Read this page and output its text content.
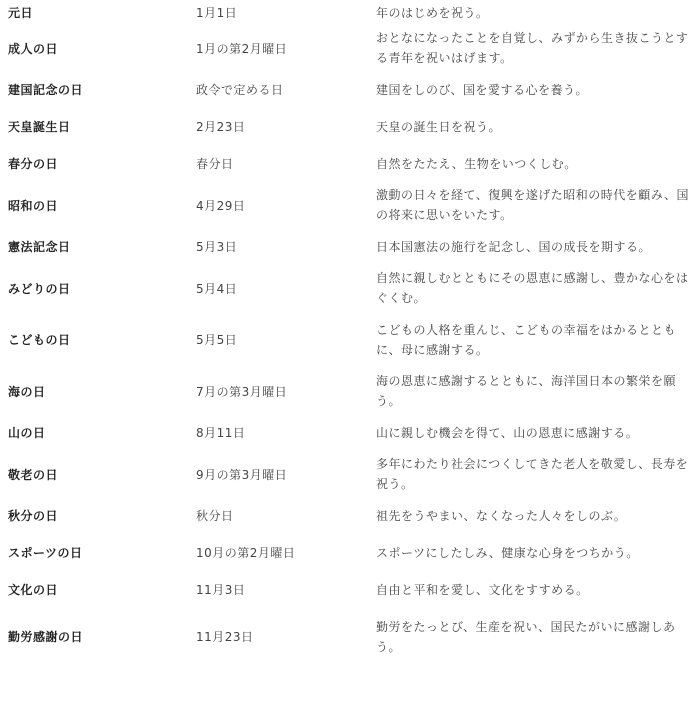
元日	1月1日	年のはじめを祝う。
成人の日	1月の第2月曜日	おとなになったことを自覚し、みずから生き抜こうとする青年を祝いはげます。
建国記念の日	政令で定める日	建国をしのび、国を愛する心を養う。
天皇誕生日	2月23日	天皇の誕生日を祝う。
春分の日	春分日	自然をたたえ、生物をいつくしむ。
昭和の日	4月29日	激動の日々を経て、復興を遂げた昭和の時代を顧み、国の将来に思いをいたす。
憲法記念日	5月3日	日本国憲法の施行を記念し、国の成長を期する。
みどりの日	5月4日	自然に親しむとともにその恩恵に感謝し、豊かな心をはぐくむ。
こどもの日	5月5日	こどもの人格を重んじ、こどもの幸福をはかるとともに、母に感謝する。
海の日	7月の第3月曜日	海の恩恵に感謝するとともに、海洋国日本の繁栄を願う。
山の日	8月11日	山に親しむ機会を得て、山の恩恵に感謝する。
敬老の日	9月の第3月曜日	多年にわたり社会につくしてきた老人を敬愛し、長寿を祝う。
秋分の日	秋分日	祖先をうやまい、なくなった人々をしのぶ。
スポーツの日	10月の第2月曜日	スポーツにしたしみ、健康な心身をつちかう。
文化の日	11月3日	自由と平和を愛し、文化をすすめる。
勤労感謝の日	11月23日	勤労をたっとび、生産を祝い、国民たがいに感謝しあう。
